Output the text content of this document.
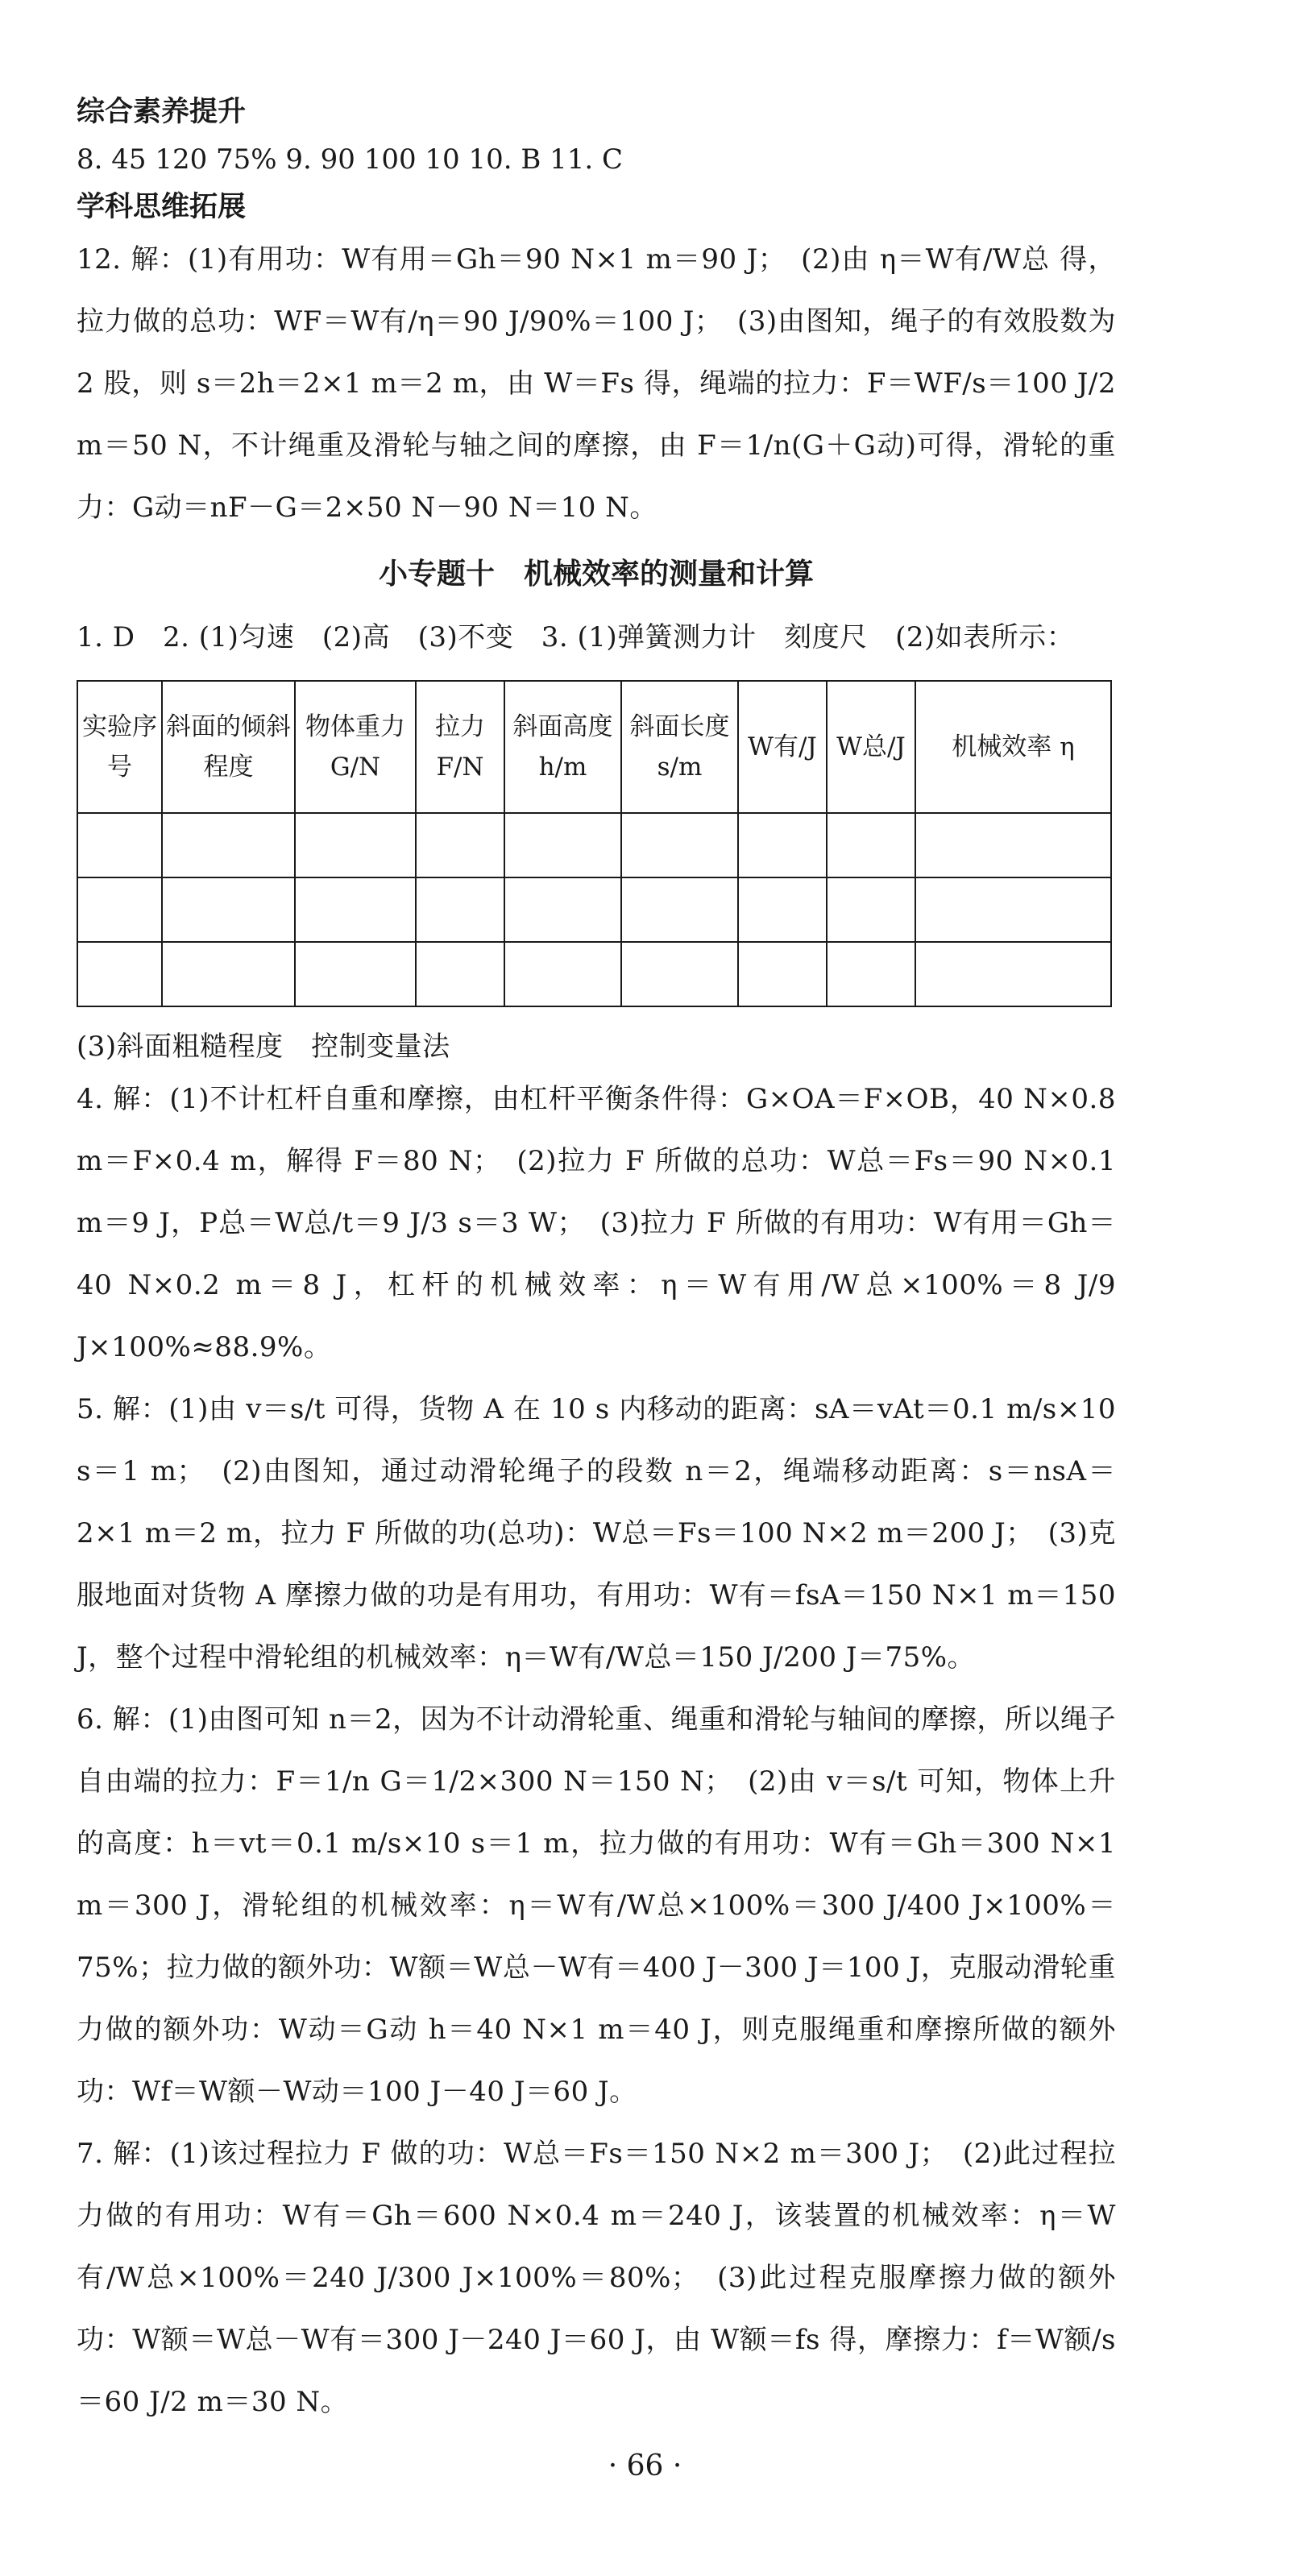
综合素养提升
8. 45 120 75% 9. 90 100 10 10. B 11. C
学科思维拓展
12. 解：(1)有用功：W有用＝Gh＝90 N×1 m＝90 J；　(2)由 η＝W有/W总 得，拉力做的总功：WF＝W有/η＝90 J/90%＝100 J；　(3)由图知，绳子的有效股数为 2 股，则 s＝2h＝2×1 m＝2 m，由 W＝Fs 得，绳端的拉力：F＝WF/s＝100 J/2 m＝50 N，不计绳重及滑轮与轴之间的摩擦，由 F＝1/n(G＋G动)可得，滑轮的重力：G动＝nF－G＝2×50 N－90 N＝10 N。
小专题十　机械效率的测量和计算
1. D　2. (1)匀速　(2)高　(3)不变　3. (1)弹簧测力计　刻度尺　(2)如表所示：
实验序号	斜面的倾斜程度	物体重力 G/N	拉力 F/N	斜面高度 h/m	斜面长度 s/m	W有/J	W总/J	机械效率 η

(3)斜面粗糙程度　控制变量法
4. 解：(1)不计杠杆自重和摩擦，由杠杆平衡条件得：G×OA＝F×OB，40 N×0.8 m＝F×0.4 m，解得 F＝80 N；　(2)拉力 F 所做的总功：W总＝Fs＝90 N×0.1 m＝9 J，P总＝W总/t＝9 J/3 s＝3 W；　(3)拉力 F 所做的有用功：W有用＝Gh＝40 N×0.2 m＝8 J，杠杆的机械效率：η＝W有用/W总×100%＝8 J/9 J×100%≈88.9%。
5. 解：(1)由 v＝s/t 可得，货物 A 在 10 s 内移动的距离：sA＝vAt＝0.1 m/s×10 s＝1 m；　(2)由图知，通过动滑轮绳子的段数 n＝2，绳端移动距离：s＝nsA＝2×1 m＝2 m，拉力 F 所做的功(总功)：W总＝Fs＝100 N×2 m＝200 J；　(3)克服地面对货物 A 摩擦力做的功是有用功，有用功：W有＝fsA＝150 N×1 m＝150 J，整个过程中滑轮组的机械效率：η＝W有/W总＝150 J/200 J＝75%。
6. 解：(1)由图可知 n＝2，因为不计动滑轮重、绳重和滑轮与轴间的摩擦，所以绳子自由端的拉力：F＝1/n G＝1/2×300 N＝150 N；　(2)由 v＝s/t 可知，物体上升的高度：h＝vt＝0.1 m/s×10 s＝1 m，拉力做的有用功：W有＝Gh＝300 N×1 m＝300 J，滑轮组的机械效率：η＝W有/W总×100%＝300 J/400 J×100%＝75%；拉力做的额外功：W额＝W总－W有＝400 J－300 J＝100 J，克服动滑轮重力做的额外功：W动＝G动 h＝40 N×1 m＝40 J，则克服绳重和摩擦所做的额外功：Wf＝W额－W动＝100 J－40 J＝60 J。
7. 解：(1)该过程拉力 F 做的功：W总＝Fs＝150 N×2 m＝300 J；　(2)此过程拉力做的有用功：W有＝Gh＝600 N×0.4 m＝240 J，该装置的机械效率：η＝W有/W总×100%＝240 J/300 J×100%＝80%；　(3)此过程克服摩擦力做的额外功：W额＝W总－W有＝300 J－240 J＝60 J，由 W额＝fs 得，摩擦力：f＝W额/s＝60 J/2 m＝30 N。
· 66 ·
